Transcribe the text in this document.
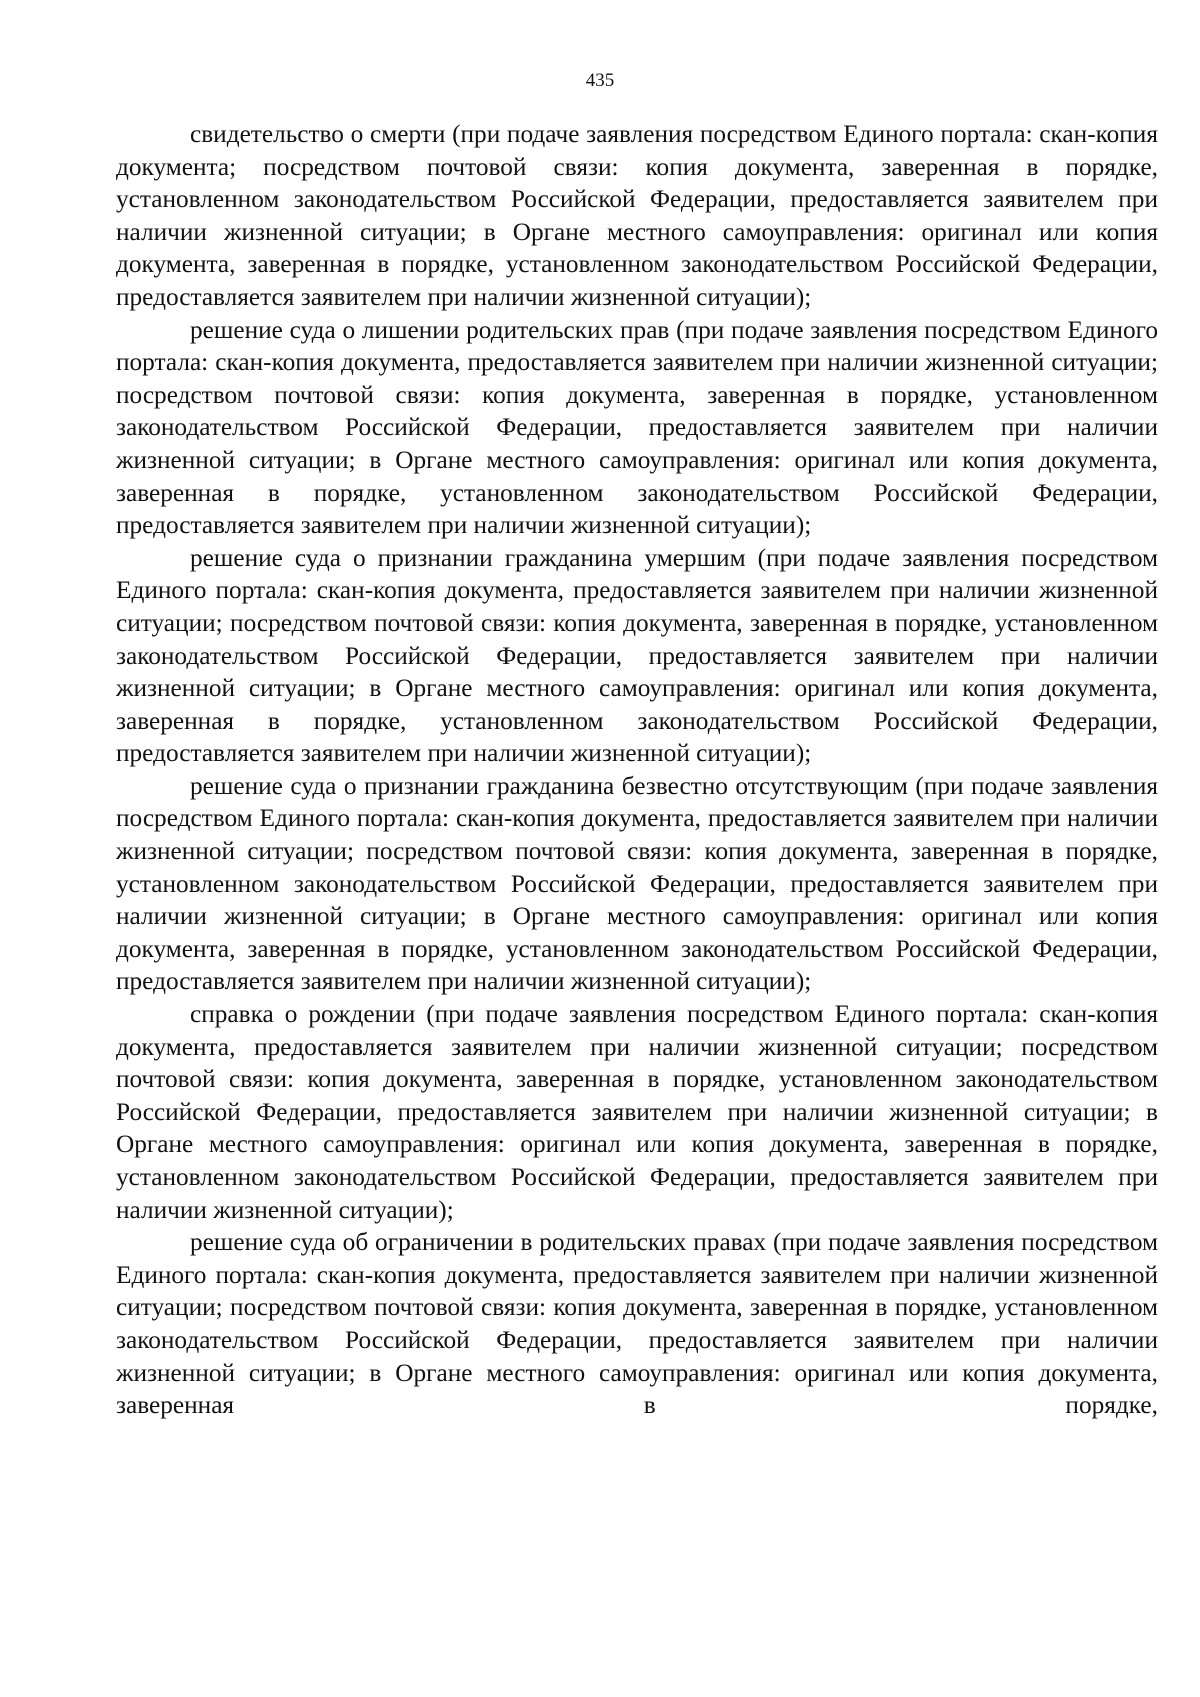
435

свидетельство о смерти (при подаче заявления посредством Единого портала: скан-копия документа; посредством почтовой связи: копия документа, заверенная в порядке, установленном законодательством Российской Федерации, предоставляется заявителем при наличии жизненной ситуации; в Органе местного самоуправления: оригинал или копия документа, заверенная в порядке, установленном законодательством Российской Федерации, предоставляется заявителем при наличии жизненной ситуации);

решение суда о лишении родительских прав (при подаче заявления посредством Единого портала: скан-копия документа, предоставляется заявителем при наличии жизненной ситуации; посредством почтовой связи: копия документа, заверенная в порядке, установленном законодательством Российской Федерации, предоставляется заявителем при наличии жизненной ситуации; в Органе местного самоуправления: оригинал или копия документа, заверенная в порядке, установленном законодательством Российской Федерации, предоставляется заявителем при наличии жизненной ситуации);

решение суда о признании гражданина умершим (при подаче заявления посредством Единого портала: скан-копия документа, предоставляется заявителем при наличии жизненной ситуации; посредством почтовой связи: копия документа, заверенная в порядке, установленном законодательством Российской Федерации, предоставляется заявителем при наличии жизненной ситуации; в Органе местного самоуправления: оригинал или копия документа, заверенная в порядке, установленном законодательством Российской Федерации, предоставляется заявителем при наличии жизненной ситуации);

решение суда о признании гражданина безвестно отсутствующим (при подаче заявления посредством Единого портала: скан-копия документа, предоставляется заявителем при наличии жизненной ситуации; посредством почтовой связи: копия документа, заверенная в порядке, установленном законодательством Российской Федерации, предоставляется заявителем при наличии жизненной ситуации; в Органе местного самоуправления: оригинал или копия документа, заверенная в порядке, установленном законодательством Российской Федерации, предоставляется заявителем при наличии жизненной ситуации);

справка о рождении (при подаче заявления посредством Единого портала: скан-копия документа, предоставляется заявителем при наличии жизненной ситуации; посредством почтовой связи: копия документа, заверенная в порядке, установленном законодательством Российской Федерации, предоставляется заявителем при наличии жизненной ситуации; в Органе местного самоуправления: оригинал или копия документа, заверенная в порядке, установленном законодательством Российской Федерации, предоставляется заявителем при наличии жизненной ситуации);

решение суда об ограничении в родительских правах (при подаче заявления посредством Единого портала: скан-копия документа, предоставляется заявителем при наличии жизненной ситуации; посредством почтовой связи: копия документа, заверенная в порядке, установленном законодательством Российской Федерации, предоставляется заявителем при наличии жизненной ситуации; в Органе местного самоуправления: оригинал или копия документа, заверенная в порядке,
